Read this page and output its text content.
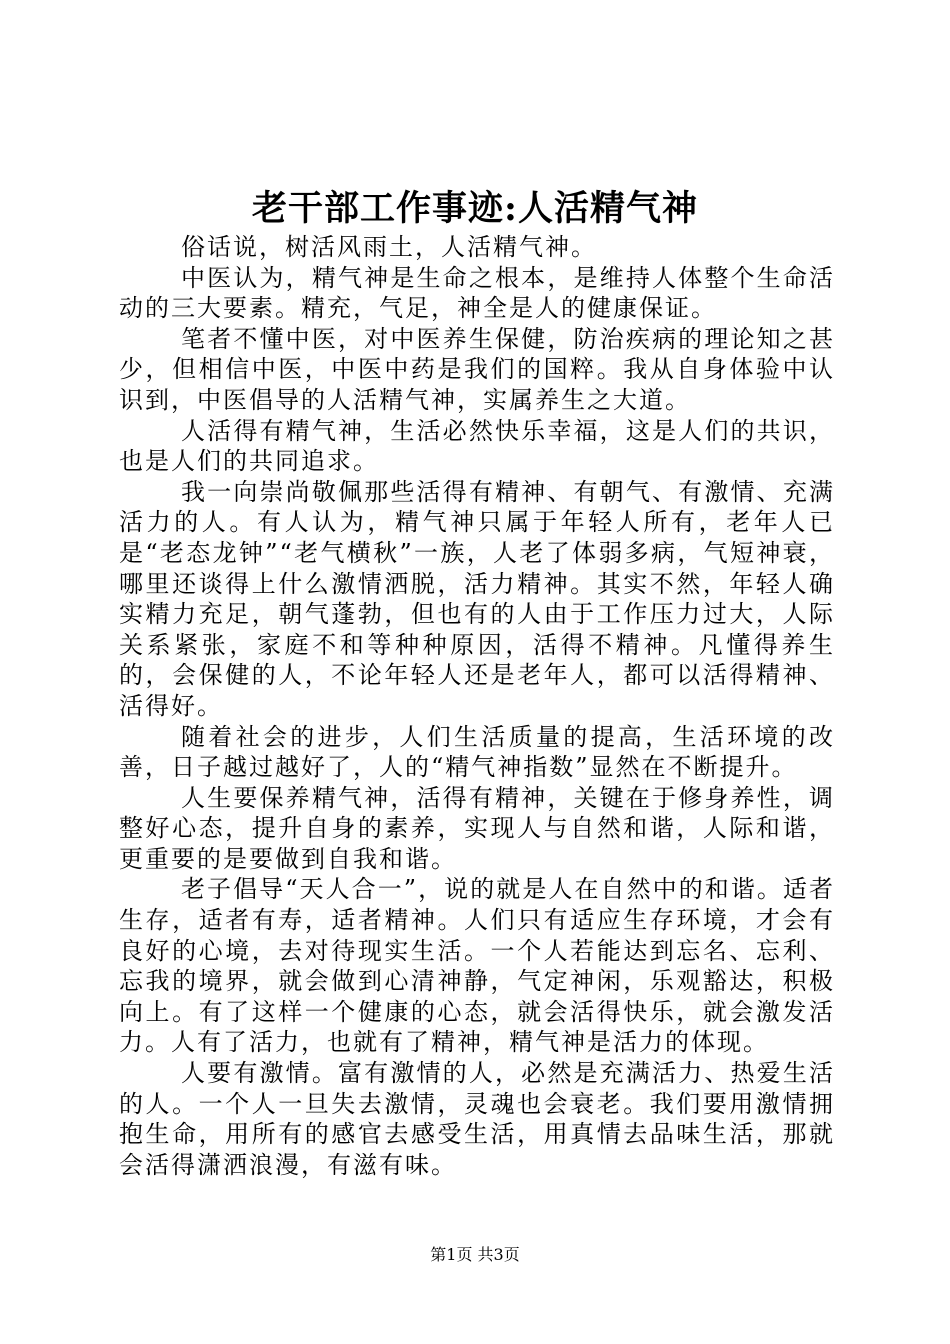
老干部工作事迹:人活精气神

俗话说，树活风雨土，人活精气神。

中医认为，精气神是生命之根本，是维持人体整个生命活动的三大要素。精充，气足，神全是人的健康保证。

笔者不懂中医，对中医养生保健，防治疾病的理论知之甚少，但相信中医，中医中药是我们的国粹。我从自身体验中认识到，中医倡导的人活精气神，实属养生之大道。

人活得有精气神，生活必然快乐幸福，这是人们的共识，也是人们的共同追求。

我一向崇尚敬佩那些活得有精神、有朝气、有激情、充满活力的人。有人认为，精气神只属于年轻人所有，老年人已是“老态龙钟”“老气横秋”一族，人老了体弱多病，气短神衰，哪里还谈得上什么激情洒脱，活力精神。其实不然，年轻人确实精力充足，朝气蓬勃，但也有的人由于工作压力过大，人际关系紧张，家庭不和等种种原因，活得不精神。凡懂得养生的，会保健的人，不论年轻人还是老年人，都可以活得精神、活得好。

随着社会的进步，人们生活质量的提高，生活环境的改善，日子越过越好了，人的“精气神指数”显然在不断提升。

人生要保养精气神，活得有精神，关键在于修身养性，调整好心态，提升自身的素养，实现人与自然和谐，人际和谐，更重要的是要做到自我和谐。

老子倡导“天人合一”，说的就是人在自然中的和谐。适者生存，适者有寿，适者精神。人们只有适应生存环境，才会有良好的心境，去对待现实生活。一个人若能达到忘名、忘利、忘我的境界，就会做到心清神静，气定神闲，乐观豁达，积极向上。有了这样一个健康的心态，就会活得快乐，就会激发活力。人有了活力，也就有了精神，精气神是活力的体现。

人要有激情。富有激情的人，必然是充满活力、热爱生活的人。一个人一旦失去激情，灵魂也会衰老。我们要用激情拥抱生命，用所有的感官去感受生活，用真情去品味生活，那就会活得潇洒浪漫，有滋有味。

第1页 共3页
